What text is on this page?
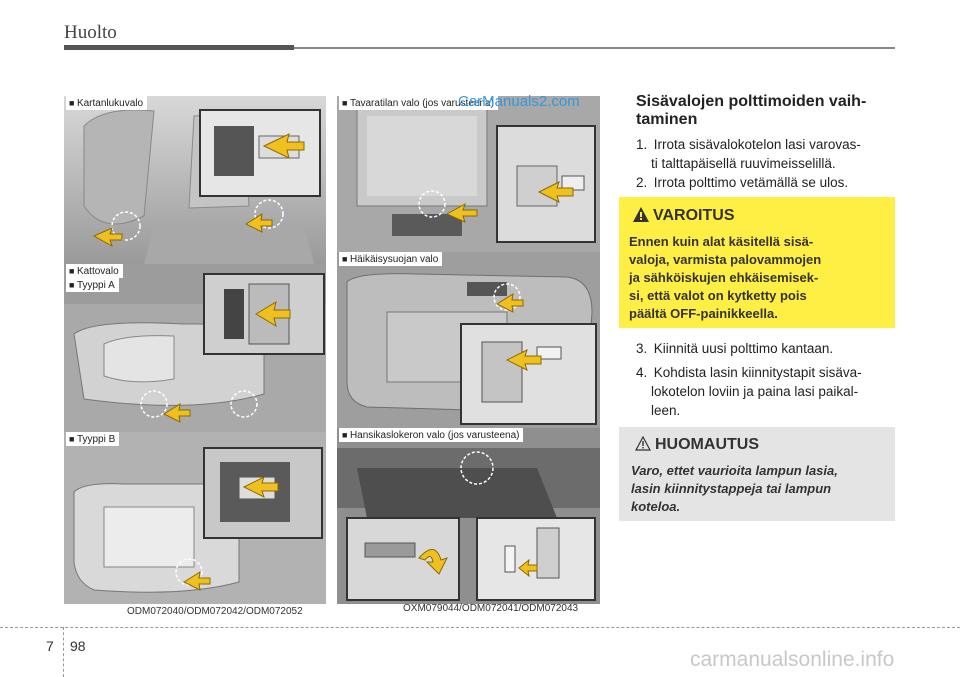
Huolto
■ Kartanlukuvalo
■ Kattovalo
■ Tyyppi A
■ Tyyppi B
ODM072040/ODM072042/ODM072052
■ Tavaratilan valo (jos varusteena)
CarManuals2.com
■ Häikäisysuojan valo
■ Hansikaslokeron valo (jos varusteena)
OXM079044/ODM072041/ODM072043
Sisävalojen polttimoiden vaih-
taminen
1. Irrota sisävalokotelon lasi varovas-
ti talttapäisellä ruuvimeisselillä.
2. Irrota polttimo vetämällä se ulos.
VAROITUS
Ennen kuin alat käsitellä sisä-
valoja, varmista palovammojen
ja sähköiskujen ehkäisemisek-
si, että valot on kytketty pois
päältä OFF-painikkeella.
3. Kiinnitä uusi polttimo kantaan.
4. Kohdista lasin kiinnitystapit sisäva-
lokotelon loviin ja paina lasi paikal-
leen.
HUOMAUTUS
Varo, ettet vaurioita lampun lasia,
lasin kiinnitystappeja tai lampun
koteloa.
7 98
carmanualsonline.info
